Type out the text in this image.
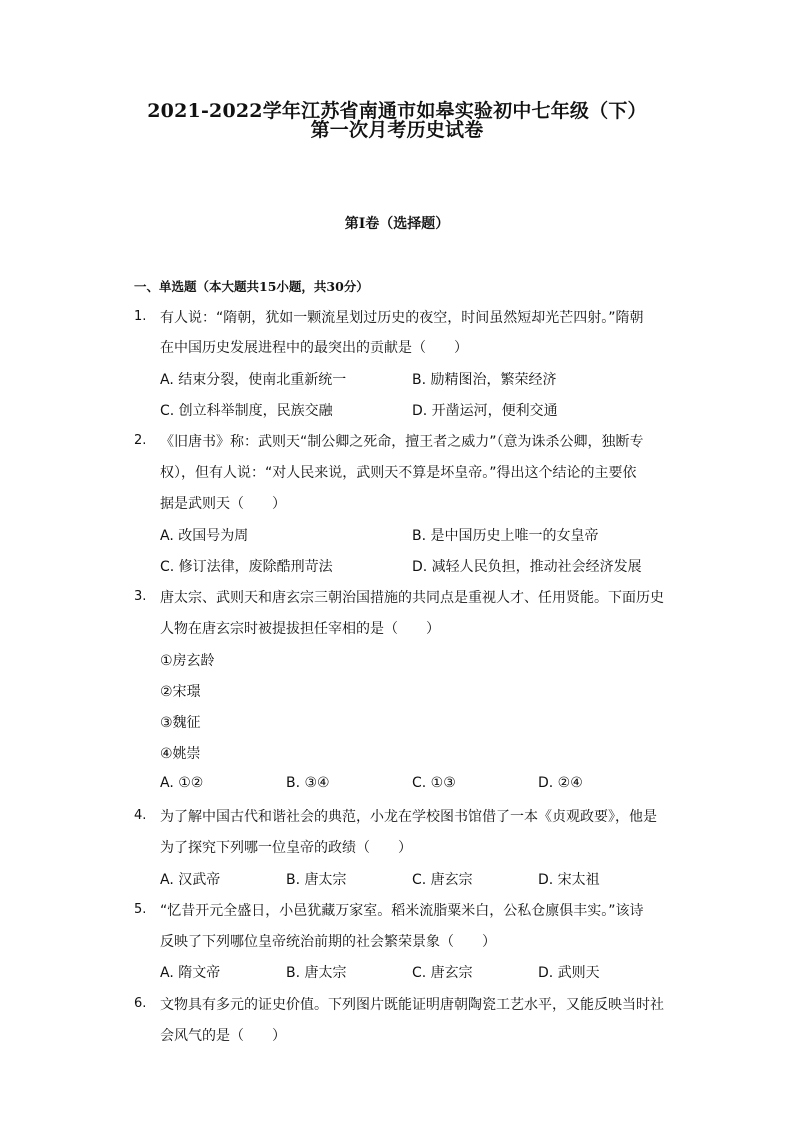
2021-2022学年江苏省南通市如皋实验初中七年级（下）
第一次月考历史试卷
第I卷（选择题）
一、单选题（本大题共15小题，共30分）
1. 有人说：“隋朝，犹如一颗流星划过历史的夜空，时间虽然短却光芒四射。”隋朝
在中国历史发展进程中的最突出的贡献是（　　）
A. 结束分裂，使南北重新统一	B. 励精图治，繁荣经济
C. 创立科举制度，民族交融	D. 开凿运河，便利交通
2. 《旧唐书》称：武则天“制公卿之死命，擅王者之威力”（意为诛杀公卿，独断专
权），但有人说：“对人民来说，武则天不算是坏皇帝。”得出这个结论的主要依
据是武则天（　　）
A. 改国号为周	B. 是中国历史上唯一的女皇帝
C. 修订法律，废除酷刑苛法	D. 减轻人民负担，推动社会经济发展
3. 唐太宗、武则天和唐玄宗三朝治国措施的共同点是重视人才、任用贤能。下面历史
人物在唐玄宗时被提拔担任宰相的是（　　）
①房玄龄
②宋璟
③魏征
④姚崇
A. ①②	B. ③④	C. ①③	D. ②④
4. 为了解中国古代和谐社会的典范，小龙在学校图书馆借了一本《贞观政要》，他是
为了探究下列哪一位皇帝的政绩（　　）
A. 汉武帝	B. 唐太宗	C. 唐玄宗	D. 宋太祖
5. “忆昔开元全盛日，小邑犹藏万家室。稻米流脂粟米白，公私仓廪俱丰实。”该诗
反映了下列哪位皇帝统治前期的社会繁荣景象（　　）
A. 隋文帝	B. 唐太宗	C. 唐玄宗	D. 武则天
6. 文物具有多元的证史价值。下列图片既能证明唐朝陶瓷工艺水平，又能反映当时社
会风气的是（　　）
